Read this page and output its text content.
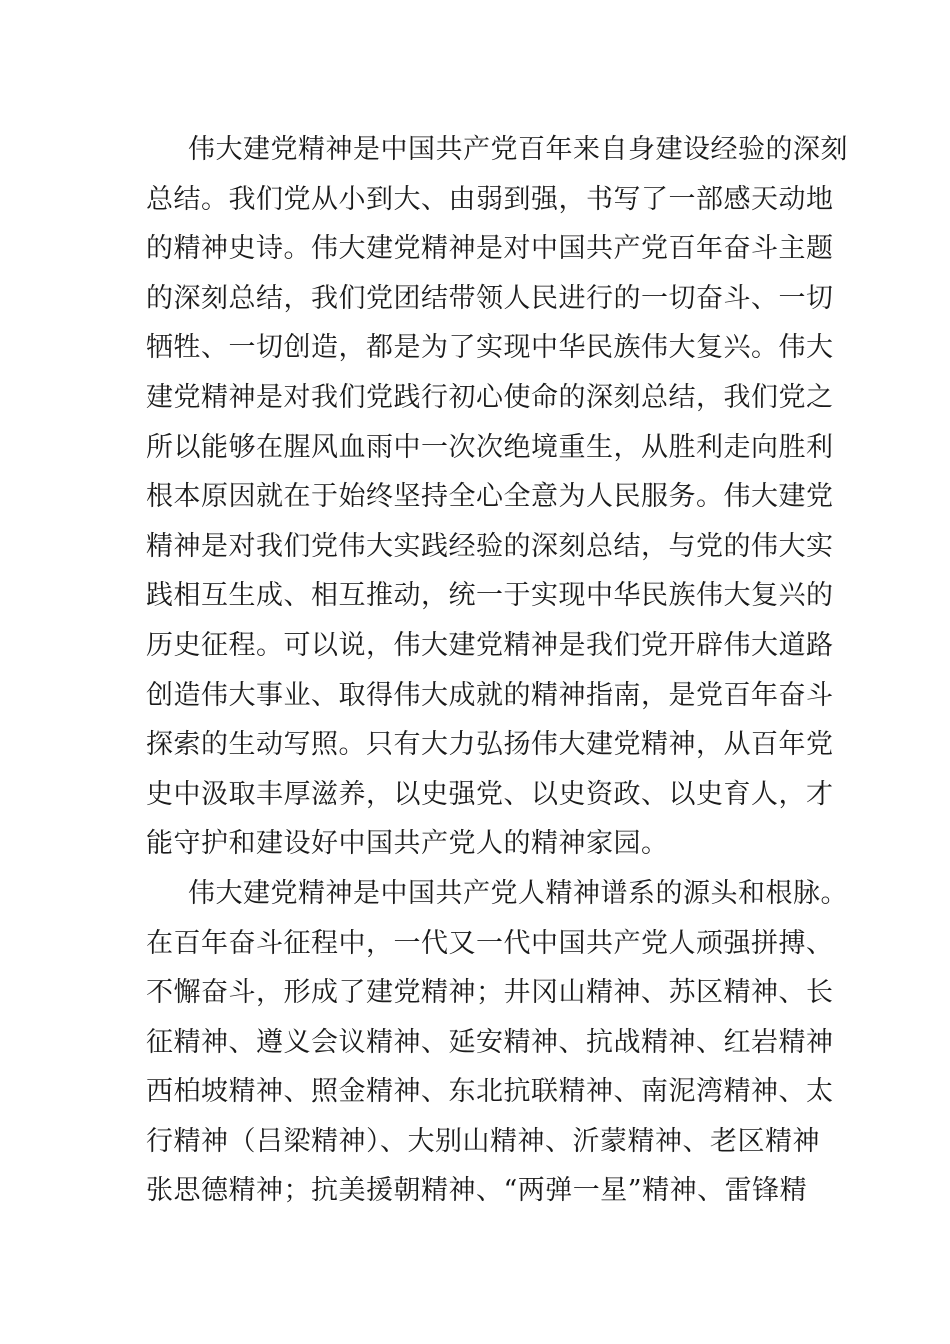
伟大建党精神是中国共产党百年来自身建设经验的深刻
总结。我们党从小到大、由弱到强，书写了一部感天动地
的精神史诗。伟大建党精神是对中国共产党百年奋斗主题
的深刻总结，我们党团结带领人民进行的一切奋斗、一切
牺牲、一切创造，都是为了实现中华民族伟大复兴。伟大
建党精神是对我们党践行初心使命的深刻总结，我们党之
所以能够在腥风血雨中一次次绝境重生，从胜利走向胜利
根本原因就在于始终坚持全心全意为人民服务。伟大建党
精神是对我们党伟大实践经验的深刻总结，与党的伟大实
践相互生成、相互推动，统一于实现中华民族伟大复兴的
历史征程。可以说，伟大建党精神是我们党开辟伟大道路
创造伟大事业、取得伟大成就的精神指南，是党百年奋斗
探索的生动写照。只有大力弘扬伟大建党精神，从百年党
史中汲取丰厚滋养，以史强党、以史资政、以史育人，才
能守护和建设好中国共产党人的精神家园。
伟大建党精神是中国共产党人精神谱系的源头和根脉。
在百年奋斗征程中，一代又一代中国共产党人顽强拼搏、
不懈奋斗，形成了建党精神；井冈山精神、苏区精神、长
征精神、遵义会议精神、延安精神、抗战精神、红岩精神
西柏坡精神、照金精神、东北抗联精神、南泥湾精神、太
行精神（吕梁精神）、大别山精神、沂蒙精神、老区精神
张思德精神；抗美援朝精神、“两弹一星”精神、雷锋精
